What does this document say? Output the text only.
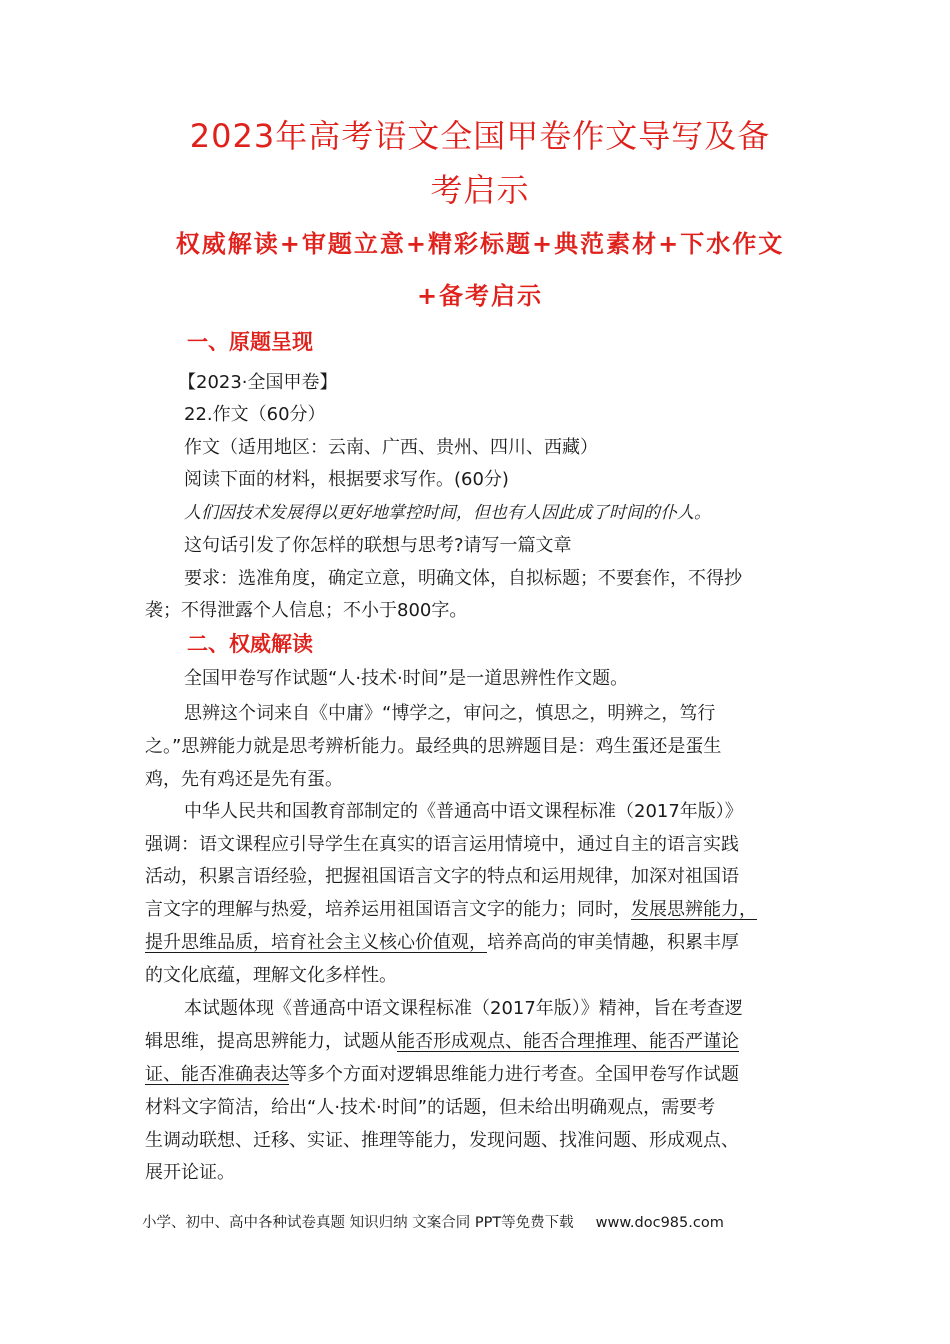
2023年高考语文全国甲卷作文导写及备
考启示
权威解读+审题立意+精彩标题+典范素材+下水作文
+备考启示
一、原题呈现
【2023·全国甲卷】
22.作文（60分）
作文（适用地区：云南、广西、贵州、四川、西藏）
阅读下面的材料，根据要求写作。(60分)
人们因技术发展得以更好地掌控时间，但也有人因此成了时间的仆人。
这句话引发了你怎样的联想与思考?请写一篇文章
要求：选准角度，确定立意，明确文体，自拟标题；不要套作，不得抄
袭；不得泄露个人信息；不小于800字。
二、权威解读
全国甲卷写作试题“人·技术·时间”是一道思辨性作文题。
思辨这个词来自《中庸》“博学之，审问之，慎思之，明辨之，笃行
之。”思辨能力就是思考辨析能力。最经典的思辨题目是：鸡生蛋还是蛋生
鸡，先有鸡还是先有蛋。
中华人民共和国教育部制定的《普通高中语文课程标准（2017年版）》
强调：语文课程应引导学生在真实的语言运用情境中，通过自主的语言实践
活动，积累言语经验，把握祖国语言文字的特点和运用规律，加深对祖国语
言文字的理解与热爱，培养运用祖国语言文字的能力；同时，发展思辨能力，
提升思维品质，培育社会主义核心价值观，培养高尚的审美情趣，积累丰厚
的文化底蕴，理解文化多样性。
本试题体现《普通高中语文课程标准（2017年版）》精神，旨在考查逻
辑思维，提高思辨能力，试题从能否形成观点、能否合理推理、能否严谨论
证、能否准确表达等多个方面对逻辑思维能力进行考查。全国甲卷写作试题
材料文字简洁，给出“人·技术·时间”的话题，但未给出明确观点，需要考
生调动联想、迁移、实证、推理等能力，发现问题、找准问题、形成观点、
展开论证。
小学、初中、高中各种试卷真题 知识归纳 文案合同 PPT等免费下载 www.doc985.com
